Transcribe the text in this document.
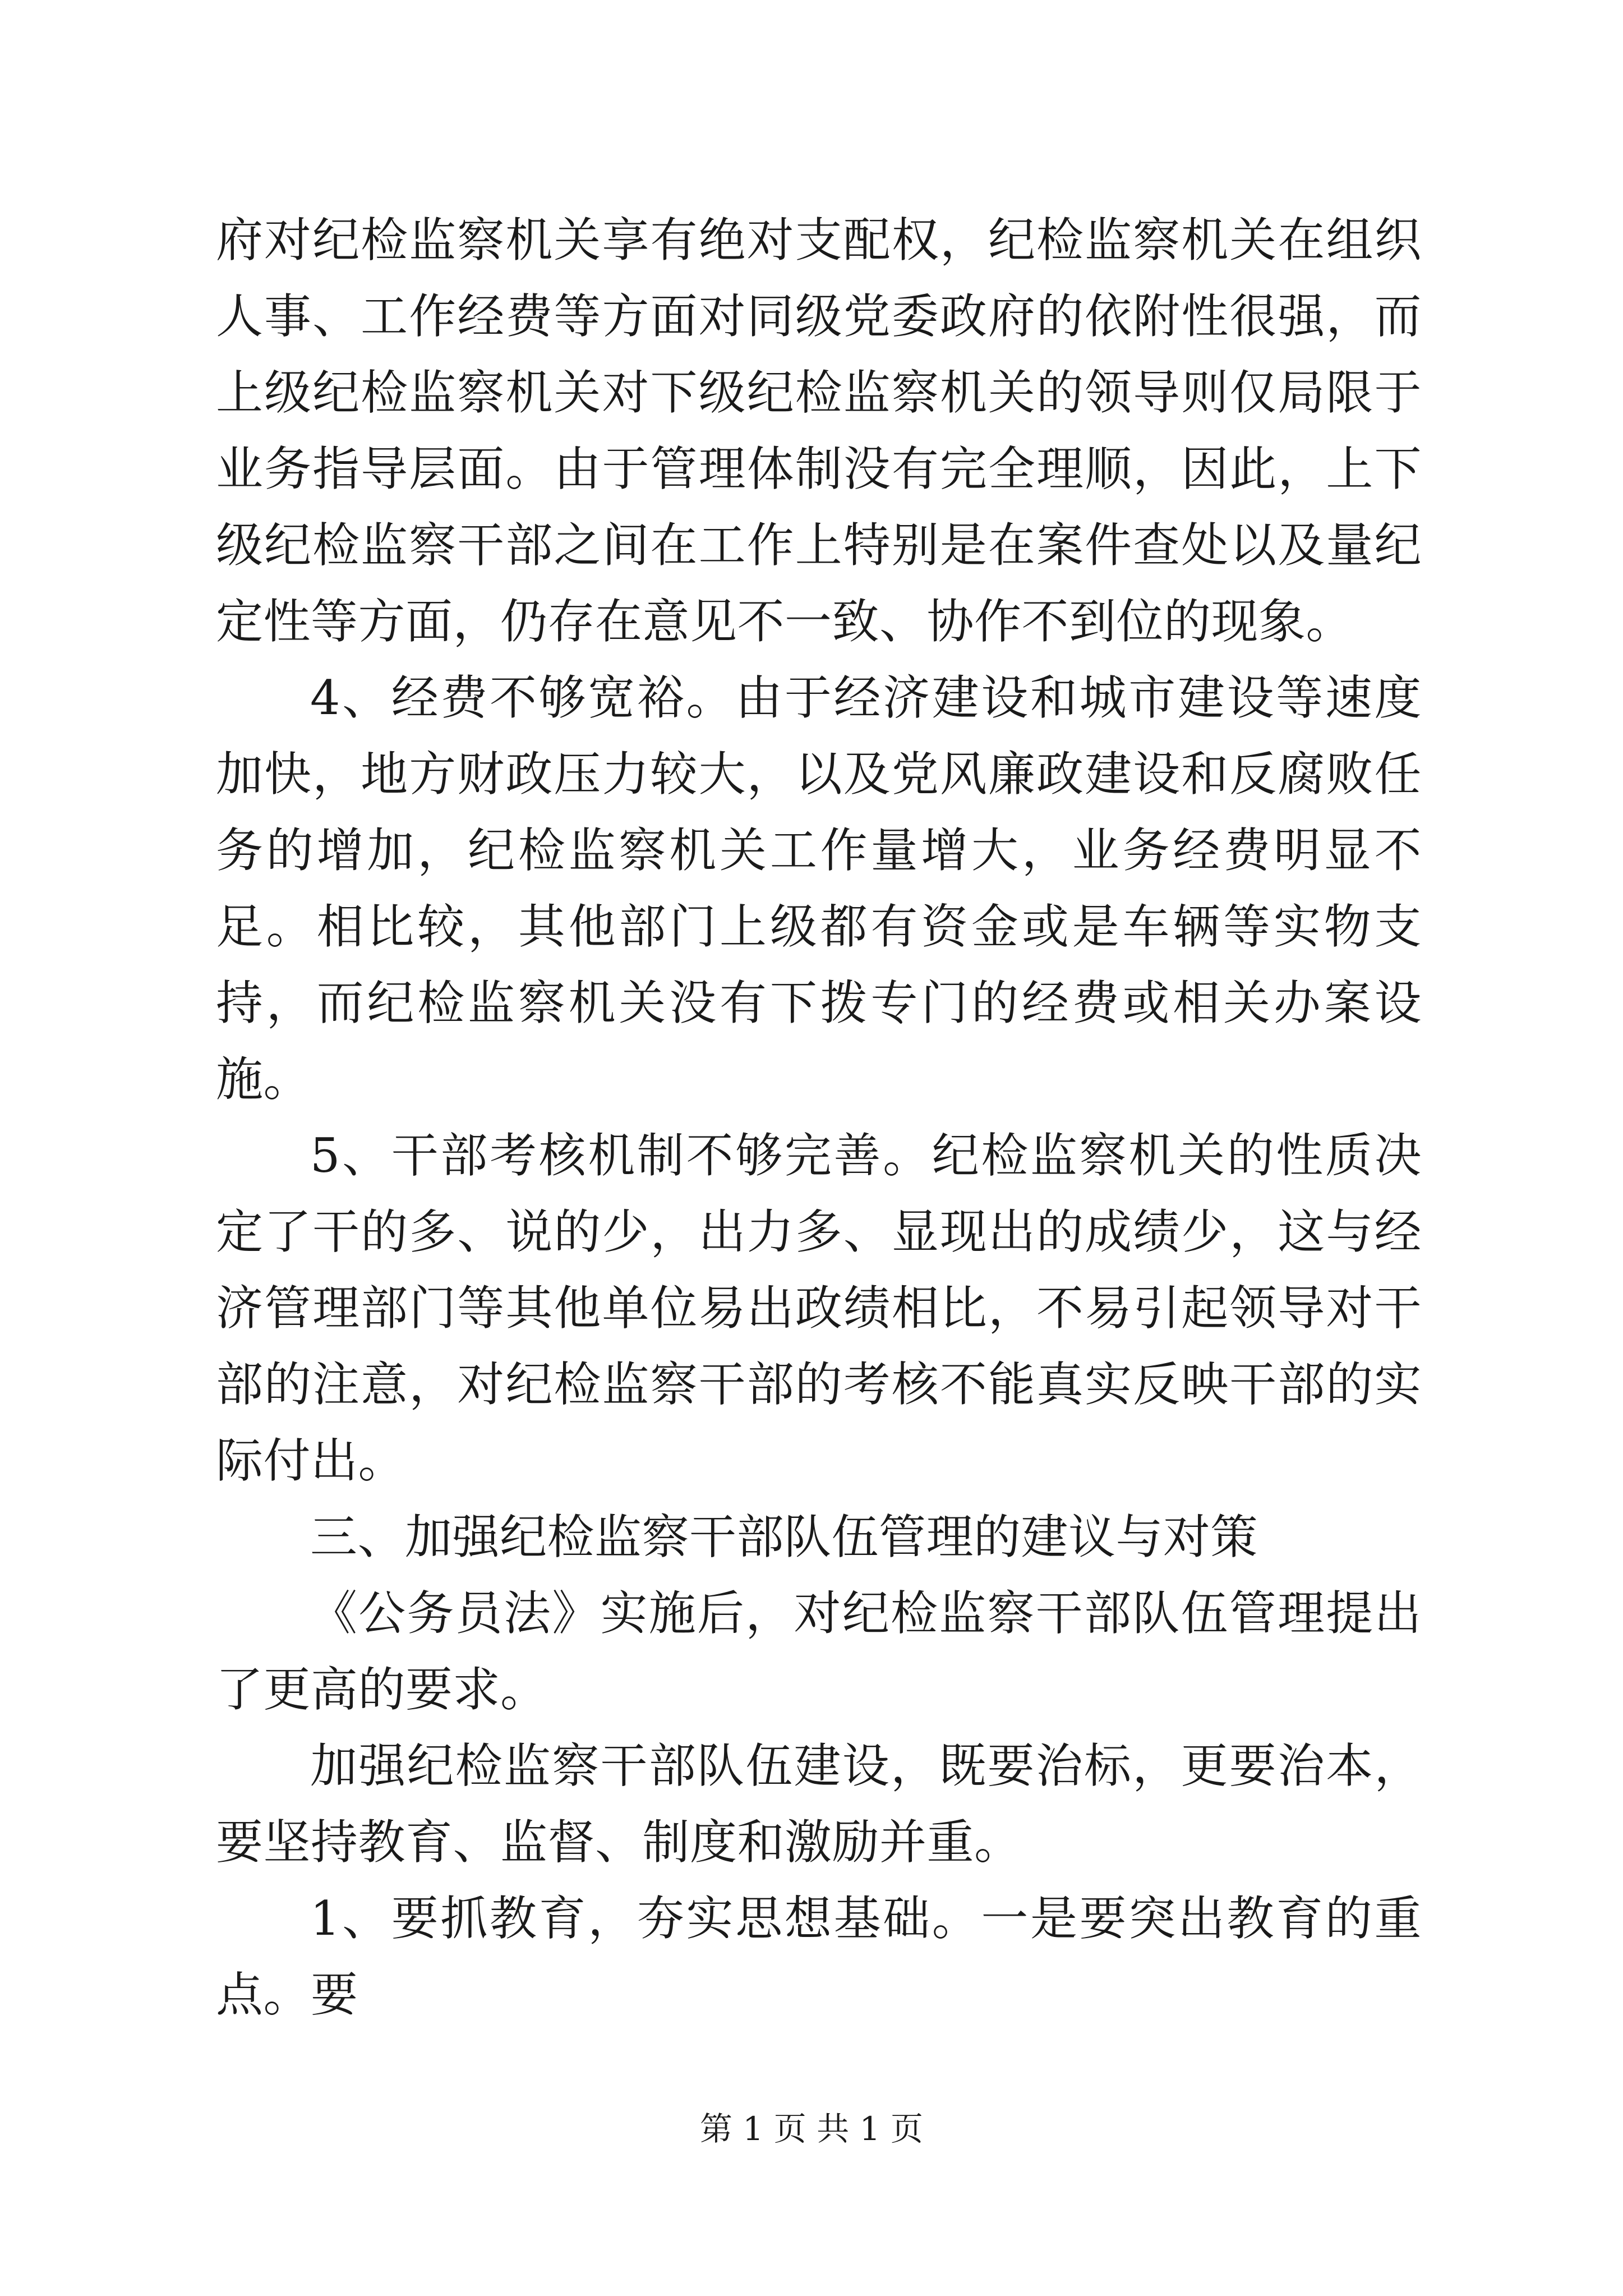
府对纪检监察机关享有绝对支配权，纪检监察机关在组织人事、工作经费等方面对同级党委政府的依附性很强，而上级纪检监察机关对下级纪检监察机关的领导则仅局限于业务指导层面。由于管理体制没有完全理顺，因此，上下级纪检监察干部之间在工作上特别是在案件查处以及量纪定性等方面，仍存在意见不一致、协作不到位的现象。

4、经费不够宽裕。由于经济建设和城市建设等速度加快，地方财政压力较大，以及党风廉政建设和反腐败任务的增加，纪检监察机关工作量增大，业务经费明显不足。相比较，其他部门上级都有资金或是车辆等实物支持，而纪检监察机关没有下拨专门的经费或相关办案设施。

5、干部考核机制不够完善。纪检监察机关的性质决定了干的多、说的少，出力多、显现出的成绩少，这与经济管理部门等其他单位易出政绩相比，不易引起领导对干部的注意，对纪检监察干部的考核不能真实反映干部的实际付出。

三、加强纪检监察干部队伍管理的建议与对策

《公务员法》实施后，对纪检监察干部队伍管理提出了更高的要求。

加强纪检监察干部队伍建设，既要治标，更要治本，要坚持教育、监督、制度和激励并重。

1、要抓教育，夯实思想基础。一是要突出教育的重点。要

第 1 页 共 1 页
